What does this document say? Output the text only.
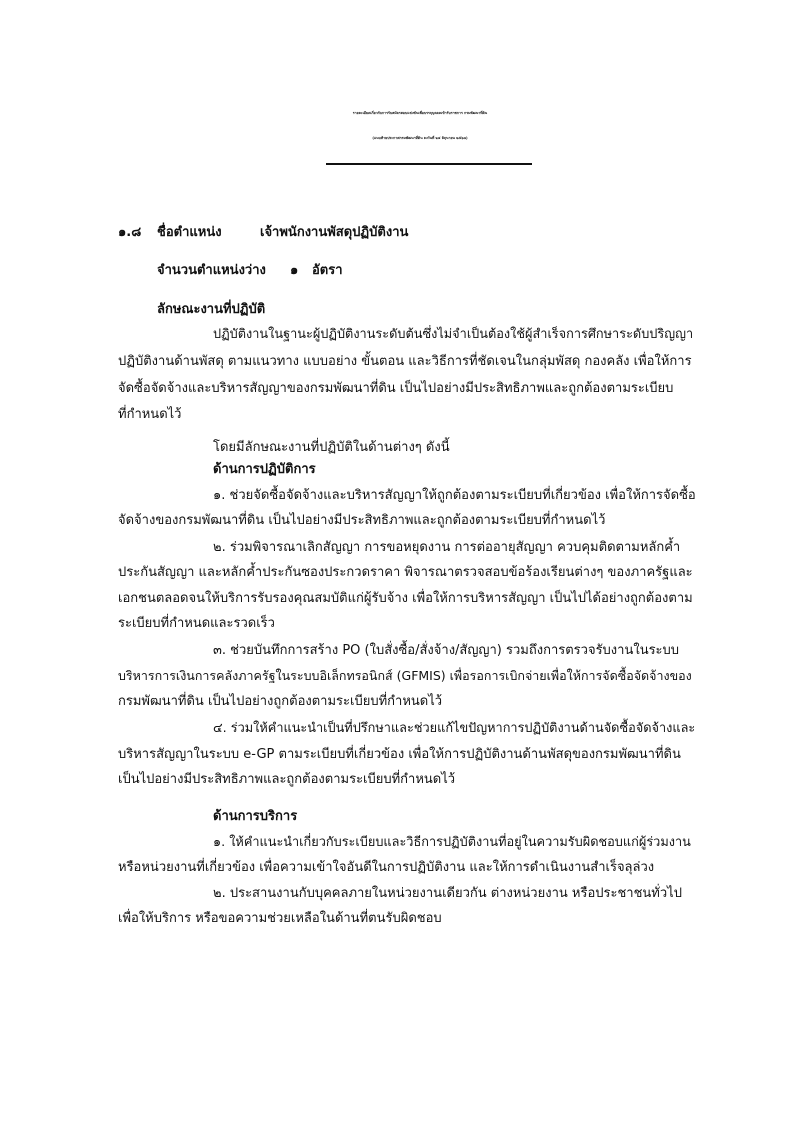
รายละเอียดเกี่ยวกับการรับสมัครสอบแข่งขันเพื่อบรรจุบุคคลเข้ารับราชการ กรมพัฒนาที่ดิน
(แนบท้ายประกาศกรมพัฒนาที่ดิน ลงวันที่ ๒๔ มิถุนายน ๒๕๖๗)
๑.๘ ชื่อตำแหน่ง	เจ้าพนักงานพัสดุปฏิบัติงาน
จำนวนตำแหน่งว่าง ๑ อัตรา
ลักษณะงานที่ปฏิบัติ
ปฏิบัติงานในฐานะผู้ปฏิบัติงานระดับต้นซึ่งไม่จำเป็นต้องใช้ผู้สำเร็จการศึกษาระดับปริญญา
ปฏิบัติงานด้านพัสดุ ตามแนวทาง แบบอย่าง ขั้นตอน และวิธีการที่ชัดเจนในกลุ่มพัสดุ กองคลัง เพื่อให้การ
จัดซื้อจัดจ้างและบริหารสัญญาของกรมพัฒนาที่ดิน เป็นไปอย่างมีประสิทธิภาพและถูกต้องตามระเบียบ
ที่กำหนดไว้
โดยมีลักษณะงานที่ปฏิบัติในด้านต่างๆ ดังนี้
ด้านการปฏิบัติการ
๑. ช่วยจัดซื้อจัดจ้างและบริหารสัญญาให้ถูกต้องตามระเบียบที่เกี่ยวข้อง เพื่อให้การจัดซื้อ
จัดจ้างของกรมพัฒนาที่ดิน เป็นไปอย่างมีประสิทธิภาพและถูกต้องตามระเบียบที่กำหนดไว้
๒. ร่วมพิจารณาเลิกสัญญา การขอหยุดงาน การต่ออายุสัญญา ควบคุมติดตามหลักค้ำ
ประกันสัญญา และหลักค้ำประกันซองประกวดราคา พิจารณาตรวจสอบข้อร้องเรียนต่างๆ ของภาครัฐและ
เอกชนตลอดจนให้บริการรับรองคุณสมบัติแก่ผู้รับจ้าง เพื่อให้การบริหารสัญญา เป็นไปได้อย่างถูกต้องตาม
ระเบียบที่กำหนดและรวดเร็ว
๓. ช่วยบันทึกการสร้าง PO (ใบสั่งซื้อ/สั่งจ้าง/สัญญา) รวมถึงการตรวจรับงานในระบบ
บริหารการเงินการคลังภาครัฐในระบบอิเล็กทรอนิกส์ (GFMIS) เพื่อรอการเบิกจ่ายเพื่อให้การจัดซื้อจัดจ้างของ
กรมพัฒนาที่ดิน เป็นไปอย่างถูกต้องตามระเบียบที่กำหนดไว้
๔. ร่วมให้คำแนะนำเป็นที่ปรึกษาและช่วยแก้ไขปัญหาการปฏิบัติงานด้านจัดซื้อจัดจ้างและ
บริหารสัญญาในระบบ e-GP ตามระเบียบที่เกี่ยวข้อง เพื่อให้การปฏิบัติงานด้านพัสดุของกรมพัฒนาที่ดิน
เป็นไปอย่างมีประสิทธิภาพและถูกต้องตามระเบียบที่กำหนดไว้
ด้านการบริการ
๑. ให้คำแนะนำเกี่ยวกับระเบียบและวิธีการปฏิบัติงานที่อยู่ในความรับผิดชอบแก่ผู้ร่วมงาน
หรือหน่วยงานที่เกี่ยวข้อง เพื่อความเข้าใจอันดีในการปฏิบัติงาน และให้การดำเนินงานสำเร็จลุล่วง
๒. ประสานงานกับบุคคลภายในหน่วยงานเดียวกัน ต่างหน่วยงาน หรือประชาชนทั่วไป
เพื่อให้บริการ หรือขอความช่วยเหลือในด้านที่ตนรับผิดชอบ
